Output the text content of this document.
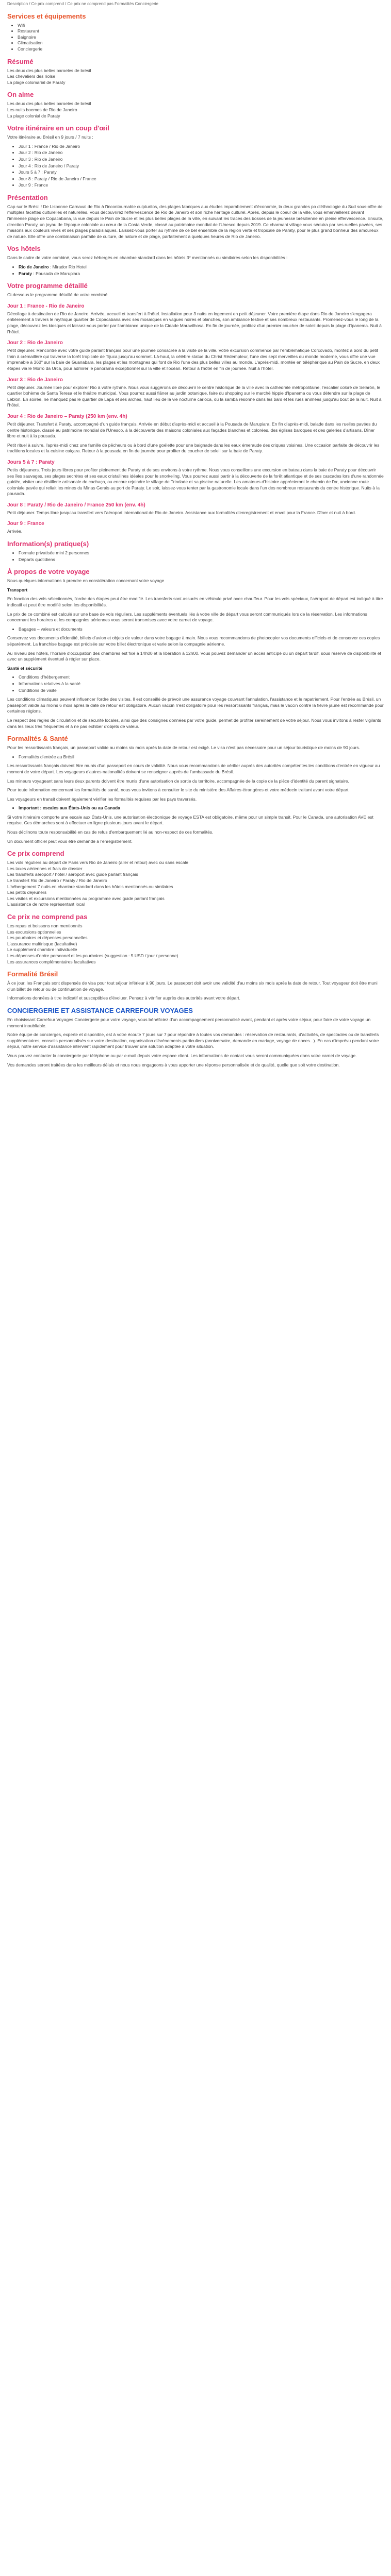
Description / Ce prix comprend / Ce prix ne comprend pas Formalités Conciergerie
Services et équipements
• Wifi
• Restaurant
• Baignoire
• Climatisation
• Conciergerie
Résumé
Les deux des plus belles baroeles de brésil
Les chevaliers des riolse
La plage colomarial de Paraty
On aime
Les deux des plus belles baroeles de brésil
Les nuits boemes de Rio de Janeiro
La plage colonial de Paraty
Votre itinéraire en un coup d'œil

Votre itinéraire au Brésil en 9 jours / 7 nuits :

• Jour 1 : France / Rio de Janeiro
• Jour 2 : Rio de Janeiro
• Jour 3 : Rio de Janeiro
• Jour 4 : Rio de Janeiro / Paraty
• Jours 5 à 7 : Paraty
• Jour 8 : Paraty / Rio de Janeiro / France
• Jour 9 : France
Présentation

Cap sur le Brésil ! De Lisbonne Carnaval de Rio à l'incontournable culpturitos, des plages fabriques aux études imparablement d'économie, la deux grandes po d'éthnologie du Sud sous-offre de multiples facettes culturelles et naturelles. Vous découvrirez l'effervescence de Rio de Janeiro et son riche héritage culturel. Après, depuis le coeur de la ville, vous émerveillerez devant l'immense plage de Copacabana, la vue depuis le Pain de Sucre et les plus belles plages de la ville, en suivant les traces des bosses de la jeunesse brésilienne en pleine effervescence. Ensuite, direction Paraty, un joyau de l'époque coloniale au cœur de la Costa Verde, classé au patrimoine mondial de l'Unesco depuis 2019. Ce charmant village vous séduira par ses ruelles pavées, ses maisons aux couleurs vives et ses plages paradisiaques. Laissez-vous porter au rythme de ce bel ensemble de la région verte et tropicale de Paraty, pour le plus grand bonheur des amoureux de nature. Elle offre une combinaison parfaite de culture, de nature et de plage, parfaitement à quelques heures de Rio de Janeiro.

Vos hôtels

Dans le cadre de votre combiné, vous serez hébergés en chambre standard dans les hôtels 3* mentionnés ou similaires selon les disponibilités :

• Rio de Janeiro : Mirador Rio Hotel
• Paraty : Pousada de Marupiara
Votre programme détaillé

Ci-dessous le programme détaillé de votre combiné

Jour 1 : France - Rio de Janeiro

Décollage à destination de Rio de Janeiro. Arrivée, accueil et transfert à l'hôtel. Installation pour 3 nuits en logement en petit déjeuner. Votre première étape dans Rio de Janeiro s'engagera entièrement à travers le mythique quartier de Copacabana avec ses mosaïques en vagues noires et blanches, son ambiance festive et ses nombreux restaurants. Promenez-vous le long de la plage, découvrez les kiosques et laissez-vous porter par l'ambiance unique de la Cidade Maravilhosa. En fin de journée, profitez d'un premier coucher de soleil depuis la plage d'Ipanema. Nuit à l'hôtel.

Jour 2 : Rio de Janeiro

Petit déjeuner. Rencontre avec votre guide parlant français pour une journée consacrée à la visite de la ville. Votre excursion commence par l'emblématique Corcovado, montez à bord du petit train à crémaillère qui traverse la forêt tropicale de Tijuca jusqu'au sommet. Là-haut, la célèbre statue du Christ Rédempteur, l'une des sept merveilles du monde moderne, vous offre une vue imprenable à 360° sur la baie de Guanabara, les plages et les montagnes qui font de Rio l'une des plus belles villes au monde. L'après-midi, montée en téléphérique au Pain de Sucre, en deux étapes via le Morro da Urca, pour admirer le panorama exceptionnel sur la ville et l'océan. Retour à l'hôtel en fin de journée. Nuit à l'hôtel.

Jour 3 : Rio de Janeiro

Petit déjeuner. Journée libre pour explorer Rio à votre rythme. Nous vous suggérons de découvrir le centre historique de la ville avec la cathédrale métropolitaine, l'escalier coloré de Selarón, le quartier bohème de Santa Teresa et le théâtre municipal. Vous pourrez aussi flâner au jardin botanique, faire du shopping sur le marché hippie d'Ipanema ou vous détendre sur la plage de Leblon. En soirée, ne manquez pas le quartier de Lapa et ses arches, haut lieu de la vie nocturne carioca, où la samba résonne dans les bars et les rues animées jusqu'au bout de la nuit. Nuit à l'hôtel.

Jour 4 : Rio de Janeiro – Paraty (250 km (env. 4h)

Petit déjeuner. Transfert à Paraty, accompagné d'un guide français. Arrivée en début d'après-midi et accueil à la Pousada de Marupiara. En fin d'après-midi, balade dans les ruelles pavées du centre historique, classé au patrimoine mondial de l'Unesco, à la découverte des maisons coloniales aux façades blanches et colorées, des églises baroques et des galeries d'artisans. Dîner libre et nuit à la pousada.

Petit rituel à suivre, l'après-midi chez une famille de pêcheurs ou à bord d'une goélette pour une baignade dans les eaux émeraude des criques voisines. Une occasion parfaite de découvrir les traditions locales et la cuisine caiçara. Retour à la pousada en fin de journée pour profiter du coucher de soleil sur la baie de Paraty.

Jours 5 à 7 : Paraty

Petits déjeuners. Trois jours libres pour profiter pleinement de Paraty et de ses environs à votre rythme. Nous vous conseillons une excursion en bateau dans la baie de Paraty pour découvrir ses îles sauvages, ses plages secrètes et ses eaux cristallines idéales pour le snorkeling. Vous pourrez aussi partir à la découverte de la forêt atlantique et de ses cascades lors d'une randonnée guidée, visiter une distillerie artisanale de cachaça, ou encore rejoindre le village de Trindade et sa piscine naturelle. Les amateurs d'histoire apprécieront le chemin de l'or, ancienne route coloniale pavée qui reliait les mines du Minas Gerais au port de Paraty. Le soir, laissez-vous tenter par la gastronomie locale dans l'un des nombreux restaurants du centre historique. Nuits à la pousada.

Jour 8 : Paraty / Rio de Janeiro / France 250 km (env. 4h)

Petit déjeuner. Temps libre jusqu'au transfert vers l'aéroport international de Rio de Janeiro. Assistance aux formalités d'enregistrement et envol pour la France. Dîner et nuit à bord.

Jour 9 : France

Arrivée.

Information(s) pratique(s)
• Formule privatisée mini 2 personnes
• Départs quotidiens
À propos de votre voyage

Nous quelques informations à prendre en considération concernant votre voyage

Transport

En fonction des vols sélectionnés, l'ordre des étapes peut être modifié. Les transferts sont assurés en véhicule privé avec chauffeur. Pour les vols spéciaux, l'aéroport de départ est indiqué à titre indicatif et peut être modifié selon les disponibilités.

Le prix de ce combiné est calculé sur une base de vols réguliers. Les suppléments éventuels liés à votre ville de départ vous seront communiqués lors de la réservation. Les informations concernant les horaires et les compagnies aériennes vous seront transmises avec votre carnet de voyage.

• Bagages – valeurs et documents

Conservez vos documents d'identité, billets d'avion et objets de valeur dans votre bagage à main. Nous vous recommandons de photocopier vos documents officiels et de conserver ces copies séparément. La franchise bagage est précisée sur votre billet électronique et varie selon la compagnie aérienne.

Au niveau des hôtels, l'horaire d'occupation des chambres est fixé à 14h00 et la libération à 12h00. Vous pouvez demander un accès anticipé ou un départ tardif, sous réserve de disponibilité et avec un supplément éventuel à régler sur place.

Santé et sécurité

• Conditions d'hébergement
• Informations relatives à la santé
• Conditions de visite

Les conditions climatiques peuvent influencer l'ordre des visites. Il est conseillé de prévoir une assurance voyage couvrant l'annulation, l'assistance et le rapatriement. Pour l'entrée au Brésil, un passeport valide au moins 6 mois après la date de retour est obligatoire. Aucun vaccin n'est obligatoire pour les ressortissants français, mais le vaccin contre la fièvre jaune est recommandé pour certaines régions.

Le respect des règles de circulation et de sécurité locales, ainsi que des consignes données par votre guide, permet de profiter sereinement de votre séjour. Nous vous invitons à rester vigilants dans les lieux très fréquentés et à ne pas exhiber d'objets de valeur.

Formalités & Santé

Pour les ressortissants français, un passeport valide au moins six mois après la date de retour est exigé. Le visa n'est pas nécessaire pour un séjour touristique de moins de 90 jours.

• Formalités d'entrée au Brésil

Les ressortissants français doivent être munis d'un passeport en cours de validité. Nous vous recommandons de vérifier auprès des autorités compétentes les conditions d'entrée en vigueur au moment de votre départ. Les voyageurs d'autres nationalités doivent se renseigner auprès de l'ambassade du Brésil.

Les mineurs voyageant sans leurs deux parents doivent être munis d'une autorisation de sortie du territoire, accompagnée de la copie de la pièce d'identité du parent signataire.

Pour toute information concernant les formalités de santé, nous vous invitons à consulter le site du ministère des Affaires étrangères et votre médecin traitant avant votre départ.

Les voyageurs en transit doivent également vérifier les formalités requises par les pays traversés.

• Important : escales aux États-Unis ou au Canada

Si votre itinéraire comporte une escale aux États-Unis, une autorisation électronique de voyage ESTA est obligatoire, même pour un simple transit. Pour le Canada, une autorisation AVE est requise. Ces démarches sont à effectuer en ligne plusieurs jours avant le départ.

Nous déclinons toute responsabilité en cas de refus d'embarquement lié au non-respect de ces formalités.

Un document officiel peut vous être demandé à l'enregistrement.

Ce prix comprend
Les vols réguliers au départ de Paris vers Rio de Janeiro (aller et retour) avec ou sans escale
Les taxes aériennes et frais de dossier
Les transferts aéroport / hôtel / aéroport avec guide parlant français
Le transfert Rio de Janeiro / Paraty / Rio de Janeiro
L'hébergement 7 nuits en chambre standard dans les hôtels mentionnés ou similaires
Les petits déjeuners
Les visites et excursions mentionnées au programme avec guide parlant français
L'assistance de notre représentant local
Ce prix ne comprend pas
Les repas et boissons non mentionnés
Les excursions optionnelles
Les pourboires et dépenses personnelles
L'assurance multirisque (facultative)
Le supplément chambre individuelle
Les dépenses d'ordre personnel et les pourboires (suggestion : 5 USD / jour / personne)
Les assurances complémentaires facultatives
Formalité Brésil

À ce jour, les Français sont dispensés de visa pour tout séjour inférieur à 90 jours. Le passeport doit avoir une validité d'au moins six mois après la date de retour. Tout voyageur doit être muni d'un billet de retour ou de continuation de voyage.

Informations données à titre indicatif et susceptibles d'évoluer. Pensez à vérifier auprès des autorités avant votre départ.

CONCIERGERIE ET ASSISTANCE CARREFOUR VOYAGES

En choisissant Carrefour Voyages Conciergerie pour votre voyage, vous bénéficiez d'un accompagnement personnalisé avant, pendant et après votre séjour, pour faire de votre voyage un moment inoubliable.

Notre équipe de concierges, experte et disponible, est à votre écoute 7 jours sur 7 pour répondre à toutes vos demandes : réservation de restaurants, d'activités, de spectacles ou de transferts supplémentaires, conseils personnalisés sur votre destination, organisation d'événements particuliers (anniversaire, demande en mariage, voyage de noces...). En cas d'imprévu pendant votre séjour, notre service d'assistance intervient rapidement pour trouver une solution adaptée à votre situation.

Vous pouvez contacter la conciergerie par téléphone ou par e-mail depuis votre espace client. Les informations de contact vous seront communiquées dans votre carnet de voyage.

Vos demandes seront traitées dans les meilleurs délais et nous nous engageons à vous apporter une réponse personnalisée et de qualité, quelle que soit votre destination.
